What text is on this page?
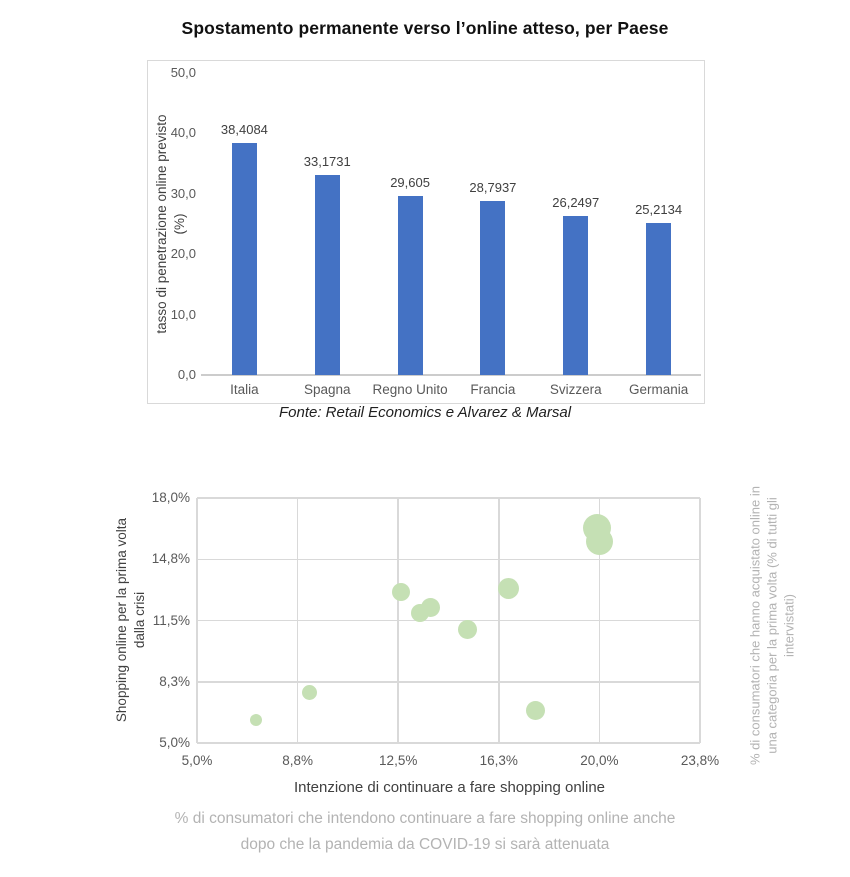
Spostamento permanente verso l’online atteso, per Paese
tasso di penetrazione online previsto (%)
50,0
40,0
30,0
20,0
10,0
0,0
38,4084
Italia
33,1731
Spagna
29,605
Regno Unito
28,7937
Francia
26,2497
Svizzera
25,2134
Germania
Fonte: Retail Economics e Alvarez & Marsal
5,0%	8,8%	12,5%	16,3%	20,0%	23,8%
18,0%
14,8%
11,5%
8,3%
5,0%
Shopping online per la prima volta dalla crisi
Intenzione di continuare a fare shopping online
% di consumatori che hanno acquistato online in una categoria per la prima volta (% di tutti gli intervistati)
% di consumatori che intendono continuare a fare shopping online anche
dopo che la pandemia da COVID-19 si sarà attenuata
